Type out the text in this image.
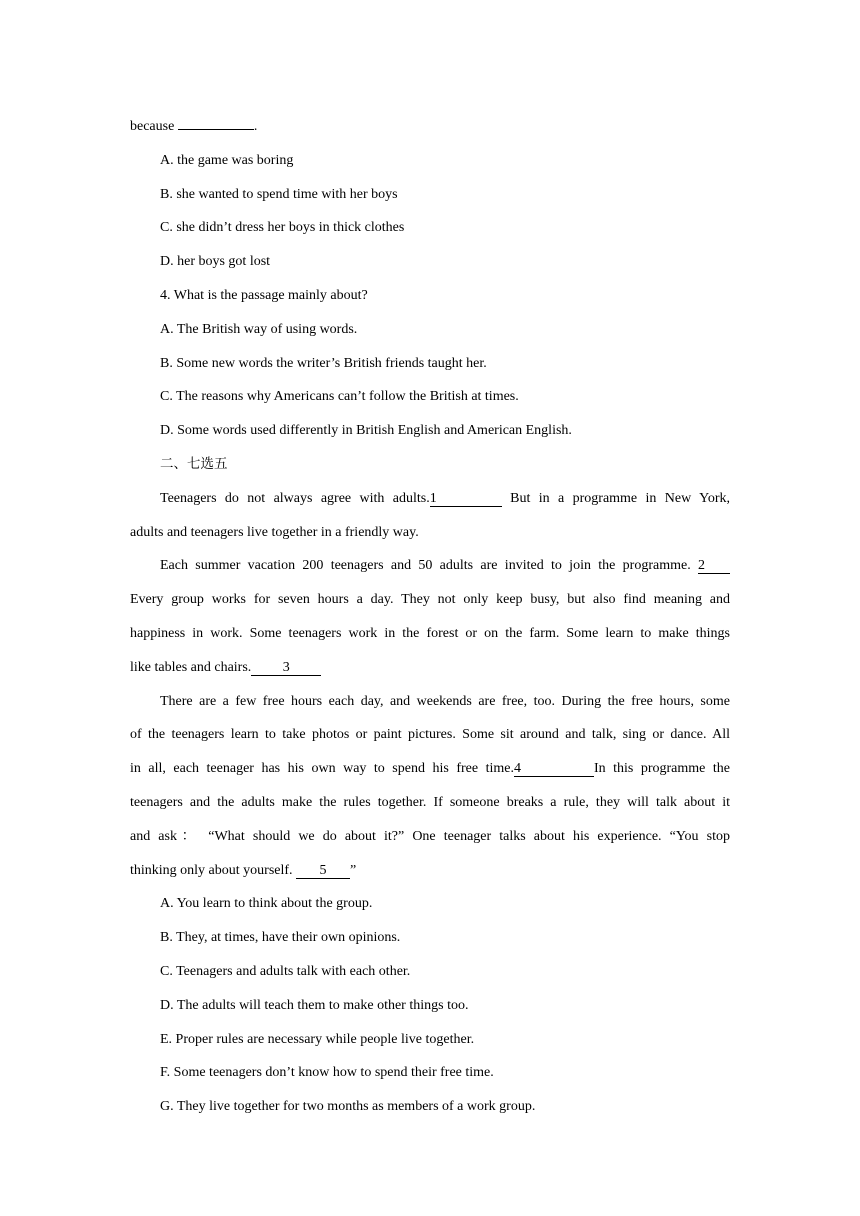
because	.
A. the game was boring
B. she wanted to spend time with her boys
C. she didn’t dress her boys in thick clothes
D. her boys got lost
4. What is the passage mainly about?
A. The British way of using words.
B. Some new words the writer’s British friends taught her.
C. The reasons why Americans can’t follow the British at times.
D. Some words used differently in British English and American English.
二、七选五
Teenagers do not always agree with adults.1	But in a programme in New York,
adults and teenagers live together in a friendly way.
Each summer vacation 200 teenagers and 50 adults are invited to join the programme. 2
Every group works for seven hours a day. They not only keep busy, but also find meaning and
happiness in work. Some teenagers work in the forest or on the farm. Some learn to make things
like tables and chairs. 3
There are a few free hours each day, and weekends are free, too. During the free hours, some
of the teenagers learn to take photos or paint pictures. Some sit around and talk, sing or dance. All
in all, each teenager has his own way to spend his free time.4	In this programme the
teenagers and the adults make the rules together. If someone breaks a rule, they will talk about it
and ask： “What should we do about it?” One teenager talks about his experience. “You stop
thinking only about yourself. 5 ”
A. You learn to think about the group.
B. They, at times, have their own opinions.
C. Teenagers and adults talk with each other.
D. The adults will teach them to make other things too.
E. Proper rules are necessary while people live together.
F. Some teenagers don’t know how to spend their free time.
G. They live together for two months as members of a work group.
